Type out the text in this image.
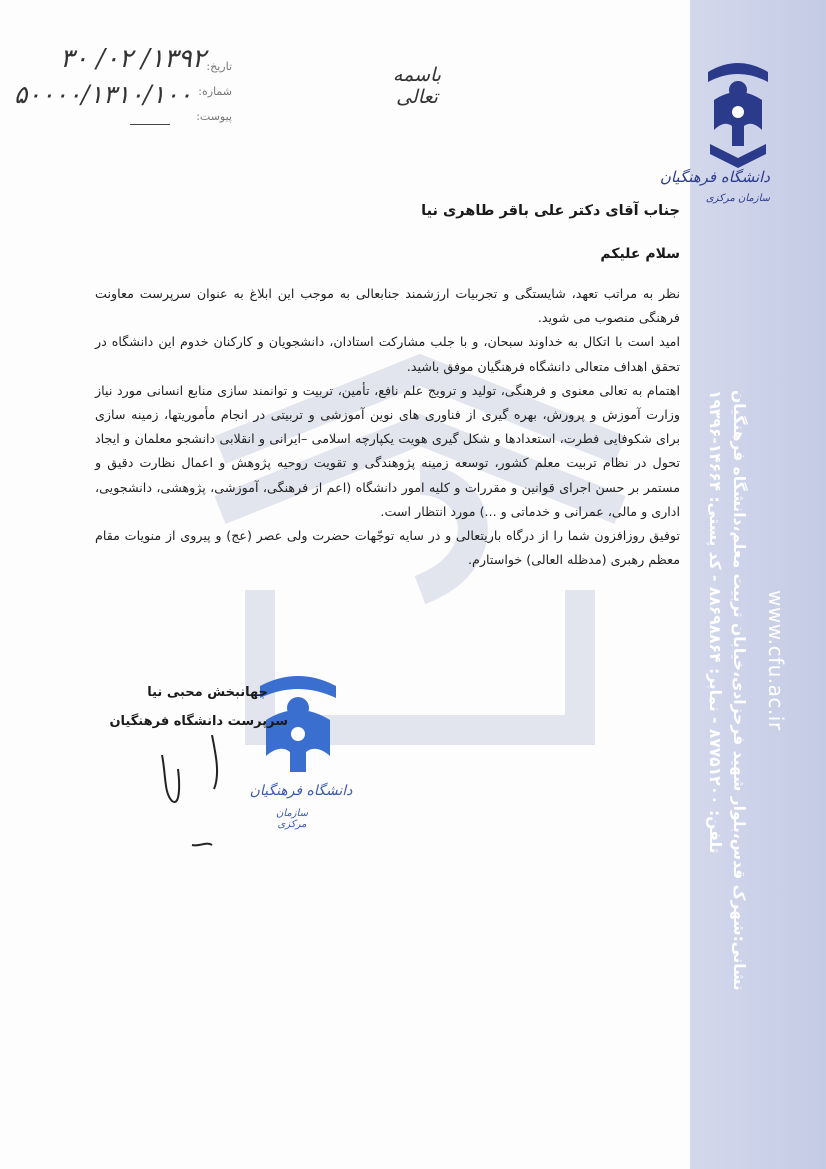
دانشگاه فرهنگیان
سازمان مرکزی
باسمه تعالی
تاریخ:
شماره:
پیوست:
۱۳۹۲/ ۰۲/ ۳۰
۵۰۰۰۰/۱۳۱۰/۱۰۰
جناب آقای دکتر علی باقر طاهری نیا
سلام علیکم

نظر به مراتب تعهد، شایستگی و تجربیات ارزشمند جنابعالی به موجب این ابلاغ به عنوان سرپرست معاونت فرهنگی منصوب می شوید.

امید است با اتکال به خداوند سبحان، و با جلب مشارکت استادان، دانشجویان و کارکنان خدوم این دانشگاه در تحقق اهداف متعالی دانشگاه فرهنگیان موفق باشید.

اهتمام به تعالی معنوی و فرهنگی، تولید و ترویج علم نافع، تأمین، تربیت و توانمند سازی منابع انسانی مورد نیاز وزارت آموزش و پرورش، بهره گیری از فناوری های نوین آموزشی و تربیتی در انجام مأموریتها، زمینه سازی برای شکوفایی فطرت، استعدادها و شکل گیری هویت یکپارچه اسلامی –ایرانی و انقلابی دانشجو معلمان و ایجاد تحول در نظام تربیت معلم کشور، توسعه زمینه پژوهندگی و تقویت روحیه پژوهش و اعمال نظارت دقیق و مستمر بر حسن اجرای قوانین و مقررات و کلیه امور دانشگاه (اعم از فرهنگی، آموزشی، پژوهشی، دانشجویی، اداری و مالی، عمرانی و خدماتی و ...) مورد انتظار است.

توفیق روزافزون شما را از درگاه باریتعالی و در سایه توجّهات حضرت ولی عصر (عج) و پیروی از منویات مقام معظم رهبری (مدظله العالی) خواستارم.

دانشگاه فرهنگیان
سازمان مرکزی
جهانبخش محبی نیا
سرپرست دانشگاه فرهنگیان	نشانی:شهرک قدس،بلوار شهید فرحزادی،خیابان تربیت معلم،دانشگاه فرهنگیان
تلفن: ۸۷۷۵۱۲۰۰ - نمابر: ۸۸۶۹۸۸۶۴ - کد پستی: ۱۴۶۶۴-۱۹۳۹۶
www.cfu.ac.ir
